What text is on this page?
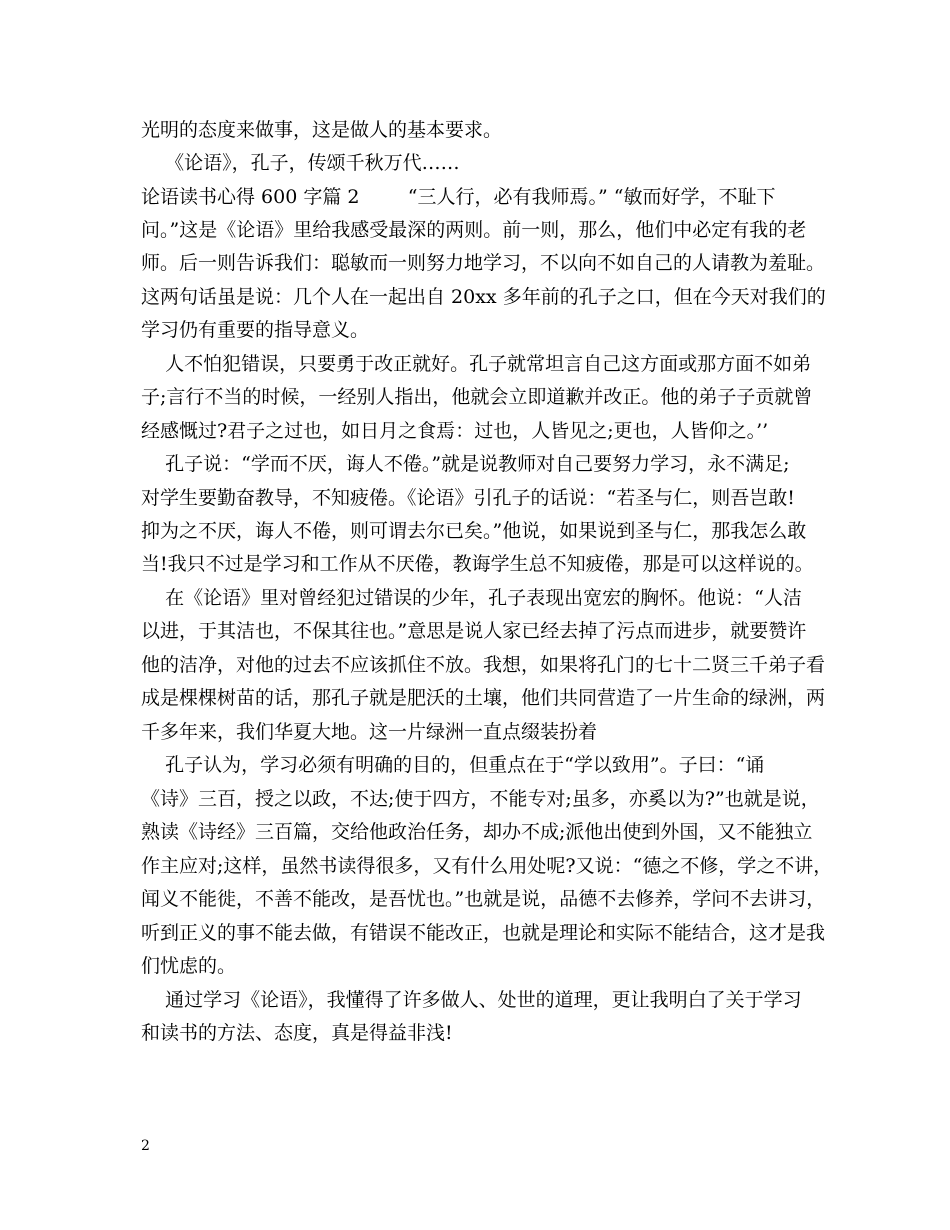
光明的态度来做事，这是做人的基本要求。
《论语》，孔子，传颂千秋万代……
论语读书心得 600 字篇 2        “三人行，必有我师焉。” “敏而好学，不耻下
问。”这是《论语》里给我感受最深的两则。前一则，那么，他们中必定有我的老
师。后一则告诉我们：聪敏而一则努力地学习，不以向不如自己的人请教为羞耻。
这两句话虽是说：几个人在一起出自 20xx 多年前的孔子之口，但在今天对我们的
学习仍有重要的指导意义。
人不怕犯错误，只要勇于改正就好。孔子就常坦言自己这方面或那方面不如弟
子;言行不当的时候，一经别人指出，他就会立即道歉并改正。他的弟子子贡就曾
经感慨过?君子之过也，如日月之食焉：过也，人皆见之;更也，人皆仰之。’’
孔子说：“学而不厌，诲人不倦。”就是说教师对自己要努力学习，永不满足;
对学生要勤奋教导，不知疲倦。《论语》引孔子的话说：“若圣与仁，则吾岂敢!
抑为之不厌，诲人不倦，则可谓去尔已矣。”他说，如果说到圣与仁，那我怎么敢
当!我只不过是学习和工作从不厌倦，教诲学生总不知疲倦，那是可以这样说的。
在《论语》里对曾经犯过错误的少年，孔子表现出宽宏的胸怀。他说：“人洁
以进，于其洁也，不保其往也。”意思是说人家已经去掉了污点而进步，就要赞许
他的洁净，对他的过去不应该抓住不放。我想，如果将孔门的七十二贤三千弟子看
成是棵棵树苗的话，那孔子就是肥沃的土壤，他们共同营造了一片生命的绿洲，两
千多年来，我们华夏大地。这一片绿洲一直点缀装扮着
孔子认为，学习必须有明确的目的，但重点在于“学以致用”。子曰：“诵
《诗》三百，授之以政，不达;使于四方，不能专对;虽多，亦奚以为?”也就是说，
熟读《诗经》三百篇，交给他政治任务，却办不成;派他出使到外国，又不能独立
作主应对;这样，虽然书读得很多，又有什么用处呢?又说：“德之不修，学之不讲，
闻义不能徙，不善不能改，是吾忧也。”也就是说，品德不去修养，学问不去讲习，
听到正义的事不能去做，有错误不能改正，也就是理论和实际不能结合，这才是我
们忧虑的。
通过学习《论语》，我懂得了许多做人、处世的道理，更让我明白了关于学习
和读书的方法、态度，真是得益非浅!
2
